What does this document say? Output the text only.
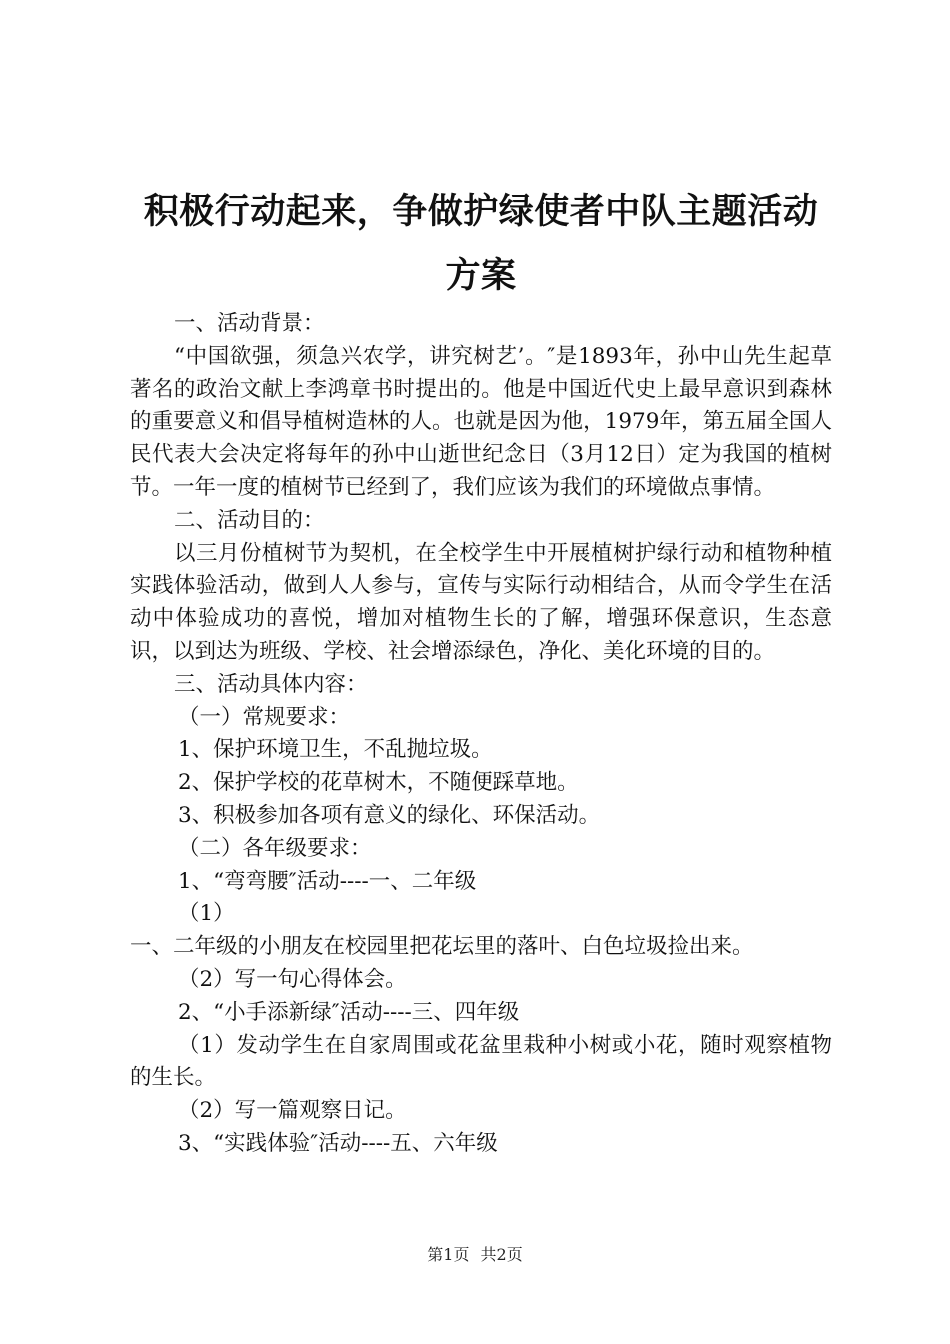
积极行动起来，争做护绿使者中队主题活动方案

一、活动背景：

“中国欲强，须急兴农学，讲究树艺’。″是1893年，孙中山先生起草著名的政治文献上李鸿章书时提出的。他是中国近代史上最早意识到森林的重要意义和倡导植树造林的人。也就是因为他，1979年，第五届全国人民代表大会决定将每年的孙中山逝世纪念日（3月12日）定为我国的植树节。一年一度的植树节已经到了，我们应该为我们的环境做点事情。

二、活动目的：

以三月份植树节为契机，在全校学生中开展植树护绿行动和植物种植实践体验活动，做到人人参与，宣传与实际行动相结合，从而令学生在活动中体验成功的喜悦，增加对植物生长的了解，增强环保意识，生态意识，以到达为班级、学校、社会增添绿色，净化、美化环境的目的。

三、活动具体内容：

（一）常规要求：

1、保护环境卫生，不乱抛垃圾。

2、保护学校的花草树木，不随便踩草地。

3、积极参加各项有意义的绿化、环保活动。

（二）各年级要求：

1、“弯弯腰″活动----一、二年级

（1）

一、二年级的小朋友在校园里把花坛里的落叶、白色垃圾捡出来。

（2）写一句心得体会。

2、“小手添新绿″活动----三、四年级

（1）发动学生在自家周围或花盆里栽种小树或小花，随时观察植物的生长。

（2）写一篇观察日记。

3、“实践体验″活动----五、六年级

第1页 共2页
